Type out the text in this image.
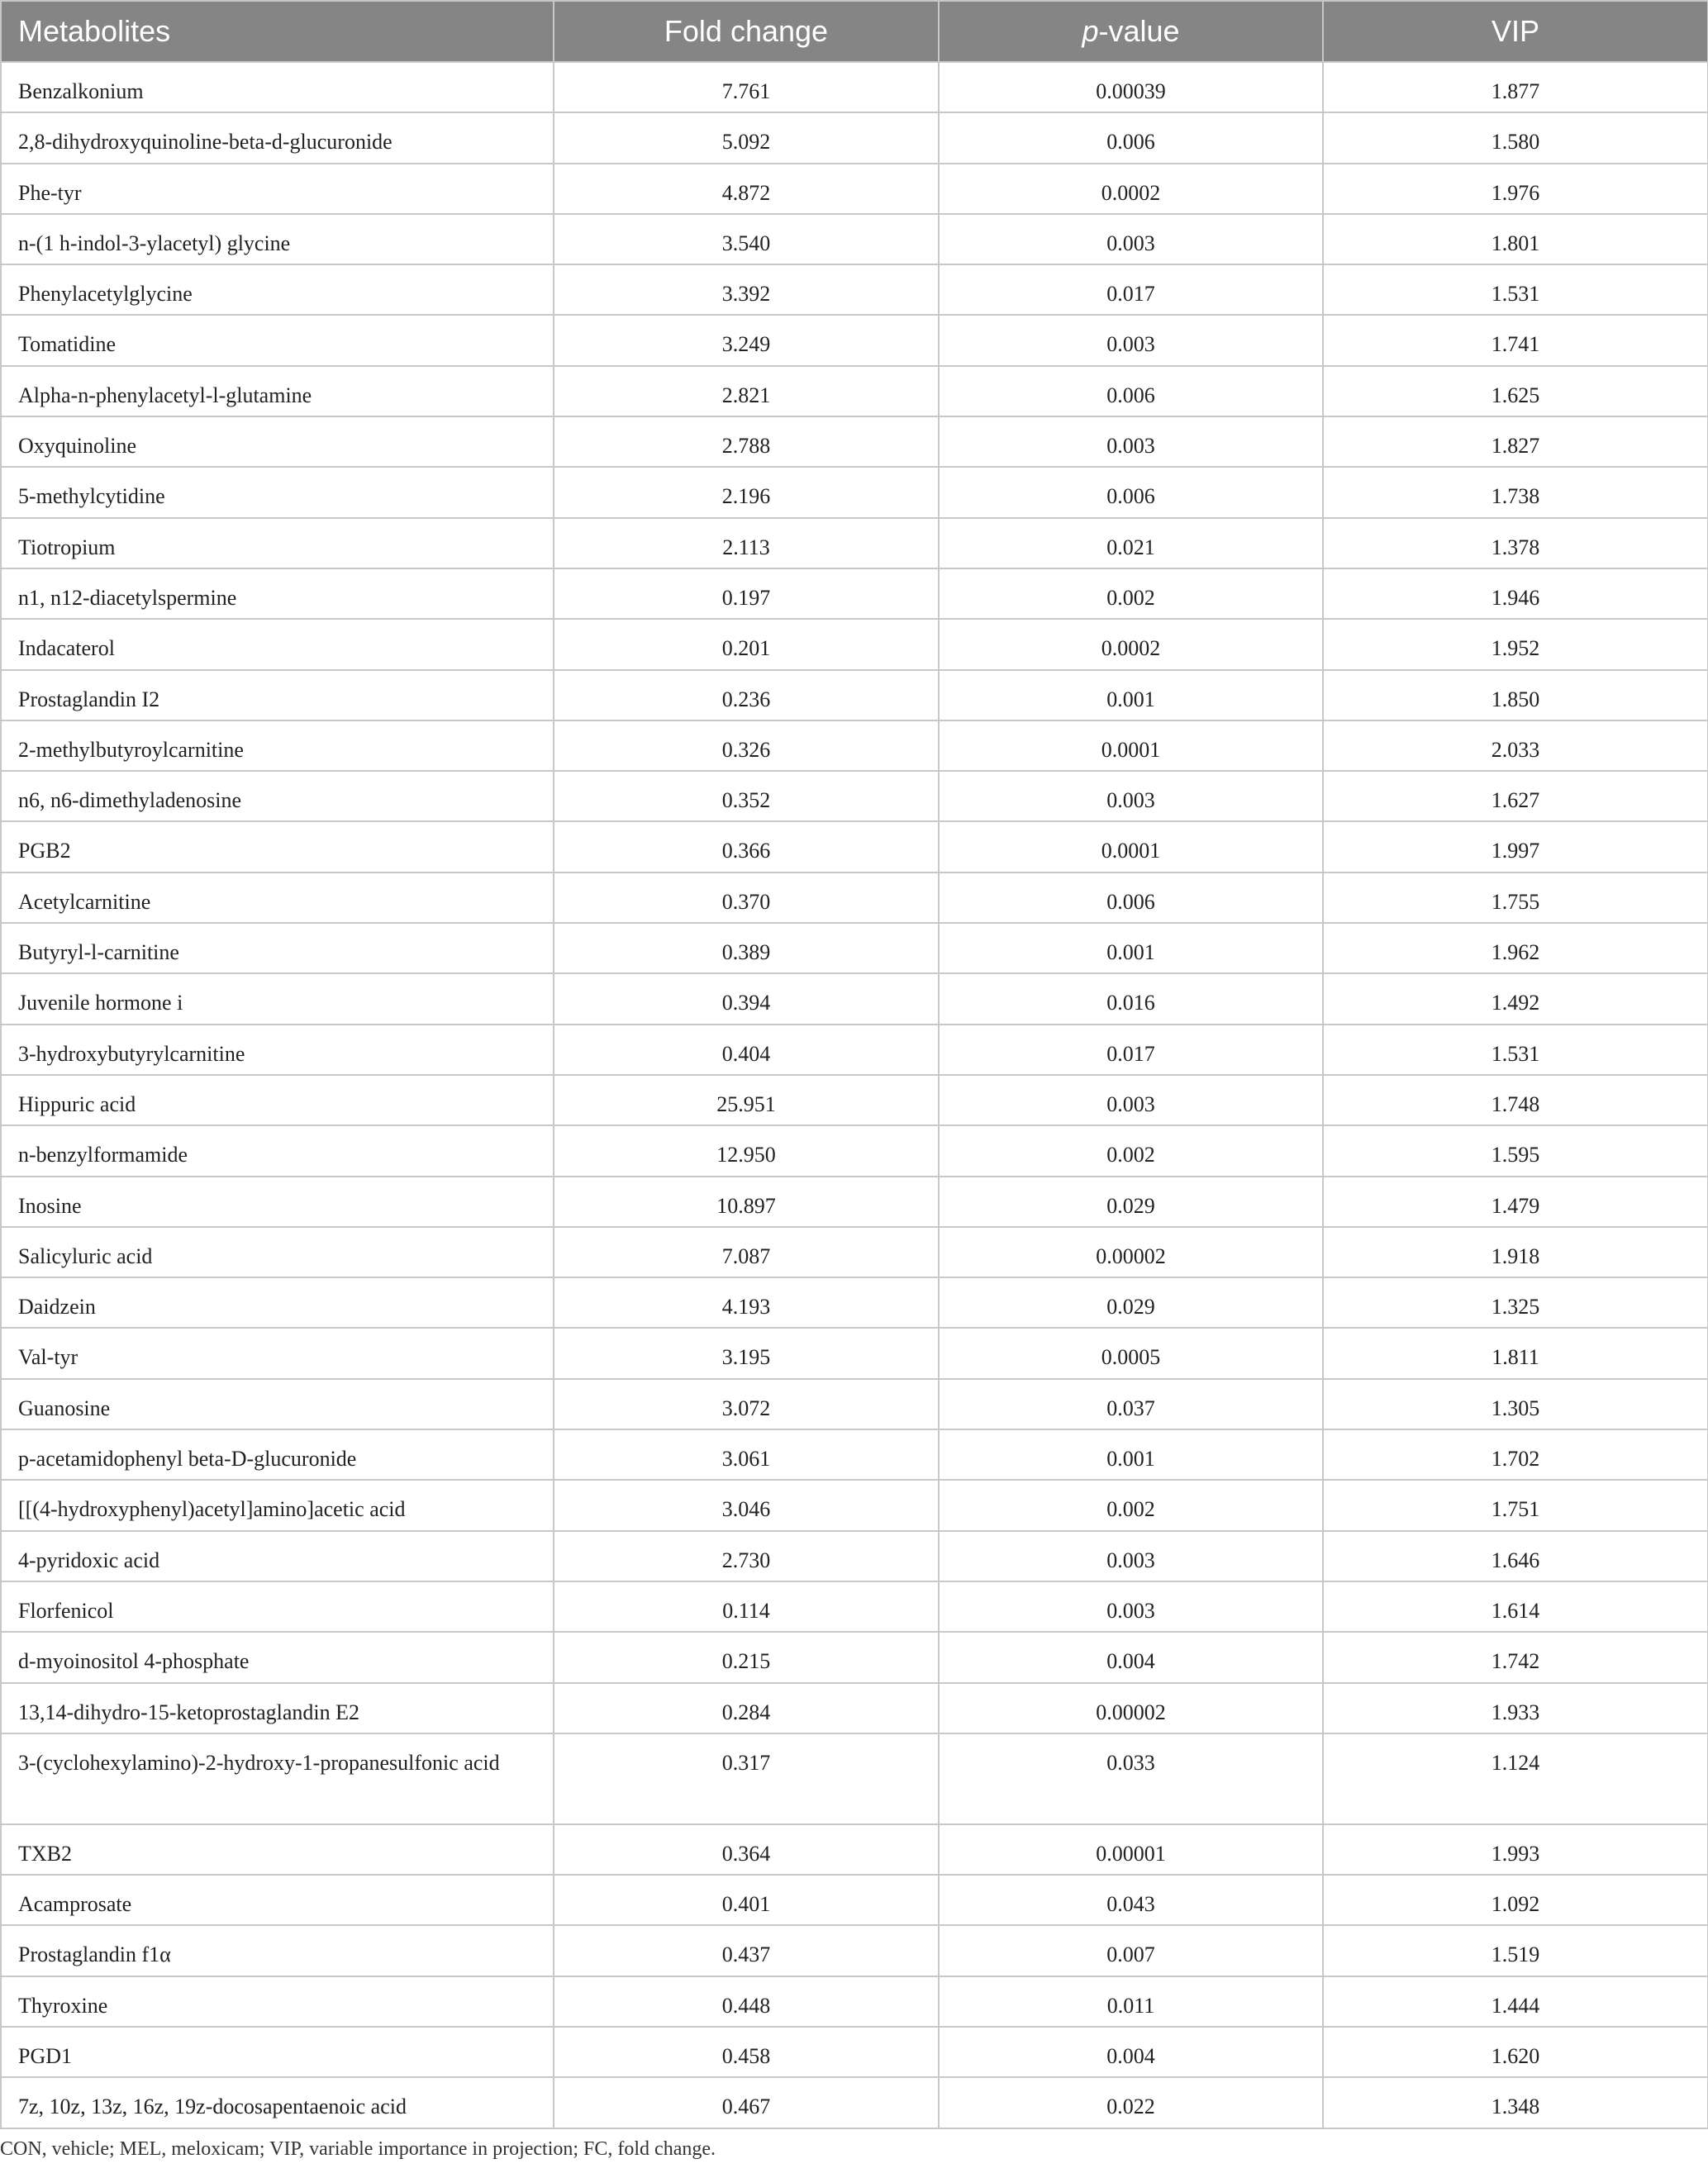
Metabolites	Fold change	p-value	VIP
Benzalkonium	7.761	0.00039	1.877
2,8-dihydroxyquinoline-beta-d-glucuronide	5.092	0.006	1.580
Phe-tyr	4.872	0.0002	1.976
n-(1 h-indol-3-ylacetyl) glycine	3.540	0.003	1.801
Phenylacetylglycine	3.392	0.017	1.531
Tomatidine	3.249	0.003	1.741
Alpha-n-phenylacetyl-l-glutamine	2.821	0.006	1.625
Oxyquinoline	2.788	0.003	1.827
5-methylcytidine	2.196	0.006	1.738
Tiotropium	2.113	0.021	1.378
n1, n12-diacetylspermine	0.197	0.002	1.946
Indacaterol	0.201	0.0002	1.952
Prostaglandin I2	0.236	0.001	1.850
2-methylbutyroylcarnitine	0.326	0.0001	2.033
n6, n6-dimethyladenosine	0.352	0.003	1.627
PGB2	0.366	0.0001	1.997
Acetylcarnitine	0.370	0.006	1.755
Butyryl-l-carnitine	0.389	0.001	1.962
Juvenile hormone i	0.394	0.016	1.492
3-hydroxybutyrylcarnitine	0.404	0.017	1.531
Hippuric acid	25.951	0.003	1.748
n-benzylformamide	12.950	0.002	1.595
Inosine	10.897	0.029	1.479
Salicyluric acid	7.087	0.00002	1.918
Daidzein	4.193	0.029	1.325
Val-tyr	3.195	0.0005	1.811
Guanosine	3.072	0.037	1.305
p-acetamidophenyl beta-D-glucuronide	3.061	0.001	1.702
[[(4-hydroxyphenyl)acetyl]amino]acetic acid	3.046	0.002	1.751
4-pyridoxic acid	2.730	0.003	1.646
Florfenicol	0.114	0.003	1.614
d-myoinositol 4-phosphate	0.215	0.004	1.742
13,14-dihydro-15-ketoprostaglandin E2	0.284	0.00002	1.933
3-(cyclohexylamino)-2-hydroxy-1-propanesulfonic acid	0.317	0.033	1.124
TXB2	0.364	0.00001	1.993
Acamprosate	0.401	0.043	1.092
Prostaglandin f1α	0.437	0.007	1.519
Thyroxine	0.448	0.011	1.444
PGD1	0.458	0.004	1.620
7z, 10z, 13z, 16z, 19z-docosapentaenoic acid	0.467	0.022	1.348
CON, vehicle; MEL, meloxicam; VIP, variable importance in projection; FC, fold change.
